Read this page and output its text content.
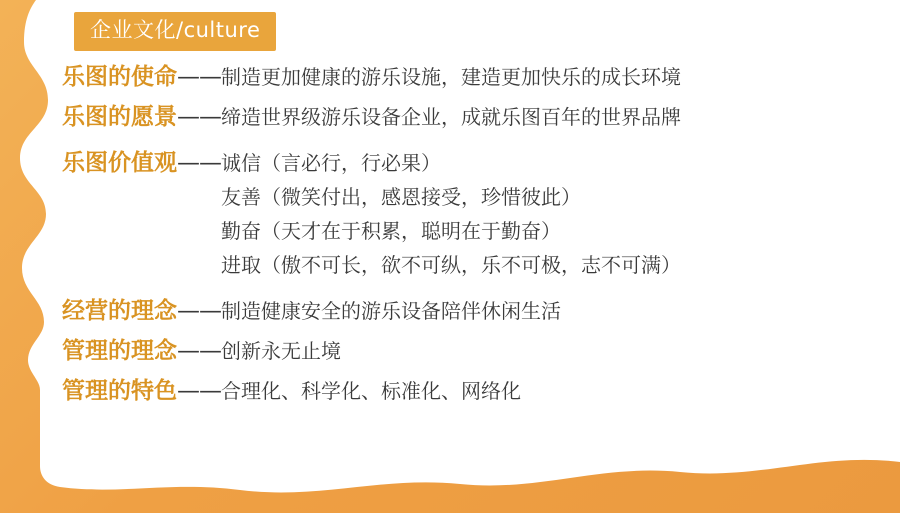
企业文化/culture
乐图的使命 —— 制造更加健康的游乐设施，建造更加快乐的成长环境
乐图的愿景 —— 缔造世界级游乐设备企业，成就乐图百年的世界品牌
乐图价值观 —— 诚信（言必行，行必果）
友善（微笑付出，感恩接受，珍惜彼此）
勤奋（天才在于积累，聪明在于勤奋）
进取（傲不可长，欲不可纵，乐不可极，志不可满）
经营的理念 —— 制造健康安全的游乐设备陪伴休闲生活
管理的理念 —— 创新永无止境
管理的特色 —— 合理化、科学化、标准化、网络化
